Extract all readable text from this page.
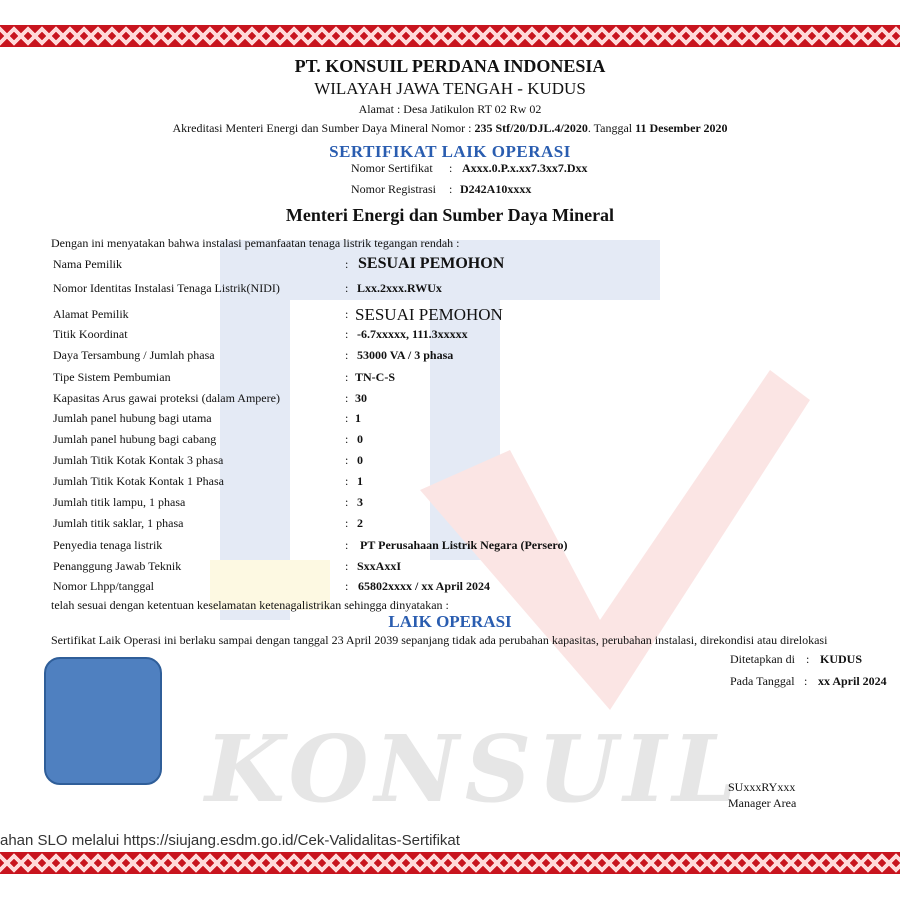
KONSUIL
PT. KONSUIL PERDANA INDONESIA
WILAYAH JAWA TENGAH - KUDUS
Alamat : Desa Jatikulon RT 02 Rw 02
Akreditasi Menteri Energi dan Sumber Daya Mineral Nomor : 235 Stf/20/DJL.4/2020. Tanggal 11 Desember 2020
SERTIFIKAT LAIK OPERASI
Nomor Sertifikat : Axxx.0.P.x.xx7.3xx7.Dxx
Nomor Registrasi : D242A10xxxx
Menteri Energi dan Sumber Daya Mineral
Dengan ini menyatakan bahwa instalasi pemanfaatan tenaga listrik tegangan rendah :
Nama Pemilik	: SESUAI PEMOHON
Nomor Identitas Instalasi Tenaga Listrik(NIDI)	: Lxx.2xxx.RWUx
Alamat Pemilik	: SESUAI PEMOHON
Titik Koordinat	: -6.7xxxxx, 111.3xxxxx
Daya Tersambung / Jumlah phasa	: 53000 VA / 3 phasa
Tipe Sistem Pembumian	: TN-C-S
Kapasitas Arus gawai proteksi (dalam Ampere)	: 30
Jumlah panel hubung bagi utama	: 1
Jumlah panel hubung bagi cabang	: 0
Jumlah Titik Kotak Kontak 3 phasa	: 0
Jumlah Titik Kotak Kontak 1 Phasa	: 1
Jumlah titik lampu, 1 phasa	: 3
Jumlah titik saklar, 1 phasa	: 2
Penyedia tenaga listrik	: PT Perusahaan Listrik Negara (Persero)
Penanggung Jawab Teknik	: SxxAxxI
Nomor Lhpp/tanggal	: 65802xxxx / xx April 2024
telah sesuai dengan ketentuan keselamatan ketenagalistrikan sehingga dinyatakan :
LAIK OPERASI
Sertifikat Laik Operasi ini berlaku sampai dengan tanggal 23 April 2039 sepanjang tidak ada perubahan kapasitas, perubahan instalasi, direkondisi atau direlokasi
Ditetapkan di : KUDUS
Pada Tanggal : xx April 2024
SUxxxRYxxx
Manager Area
ahan SLO melalui https://siujang.esdm.go.id/Cek-Validalitas-Sertifikat
